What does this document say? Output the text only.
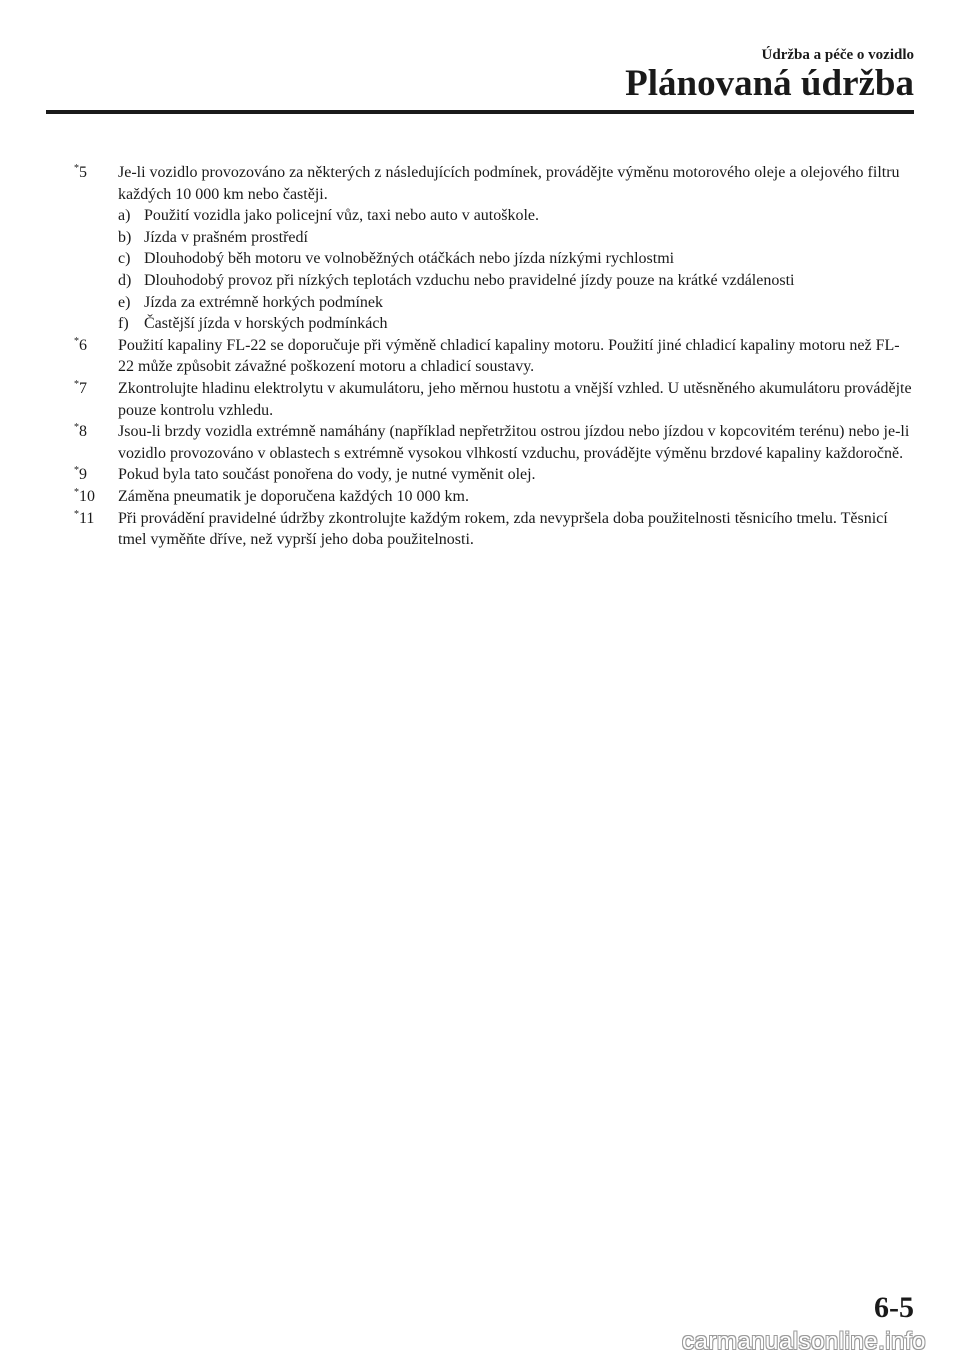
Údržba a péče o vozidlo
Plánovaná údržba
*5 Je-li vozidlo provozováno za některých z následujících podmínek, provádějte výměnu motorového oleje a olejového filtru každých 10 000 km nebo častěji.
a) Použití vozidla jako policejní vůz, taxi nebo auto v autoškole.
b) Jízda v prašném prostředí
c) Dlouhodobý běh motoru ve volnoběžných otáčkách nebo jízda nízkými rychlostmi
d) Dlouhodobý provoz při nízkých teplotách vzduchu nebo pravidelné jízdy pouze na krátké vzdálenosti
e) Jízda za extrémně horkých podmínek
f) Častější jízda v horských podmínkách
*6 Použití kapaliny FL-22 se doporučuje při výměně chladicí kapaliny motoru. Použití jiné chladicí kapaliny motoru než FL-22 může způsobit závažné poškození motoru a chladicí soustavy.
*7 Zkontrolujte hladinu elektrolytu v akumulátoru, jeho měrnou hustotu a vnější vzhled. U utěsněného akumulátoru provádějte pouze kontrolu vzhledu.
*8 Jsou-li brzdy vozidla extrémně namáhány (například nepřetržitou ostrou jízdou nebo jízdou v kopcovitém terénu) nebo je-li vozidlo provozováno v oblastech s extrémně vysokou vlhkostí vzduchu, provádějte výměnu brzdové kapaliny každoročně.
*9 Pokud byla tato součást ponořena do vody, je nutné vyměnit olej.
*10 Záměna pneumatik je doporučena každých 10 000 km.
*11 Při provádění pravidelné údržby zkontrolujte každým rokem, zda nevypršela doba použitelnosti těsnicího tmelu. Těsnicí tmel vyměňte dříve, než vyprší jeho doba použitelnosti.
6-5
carmanualsonline.info
